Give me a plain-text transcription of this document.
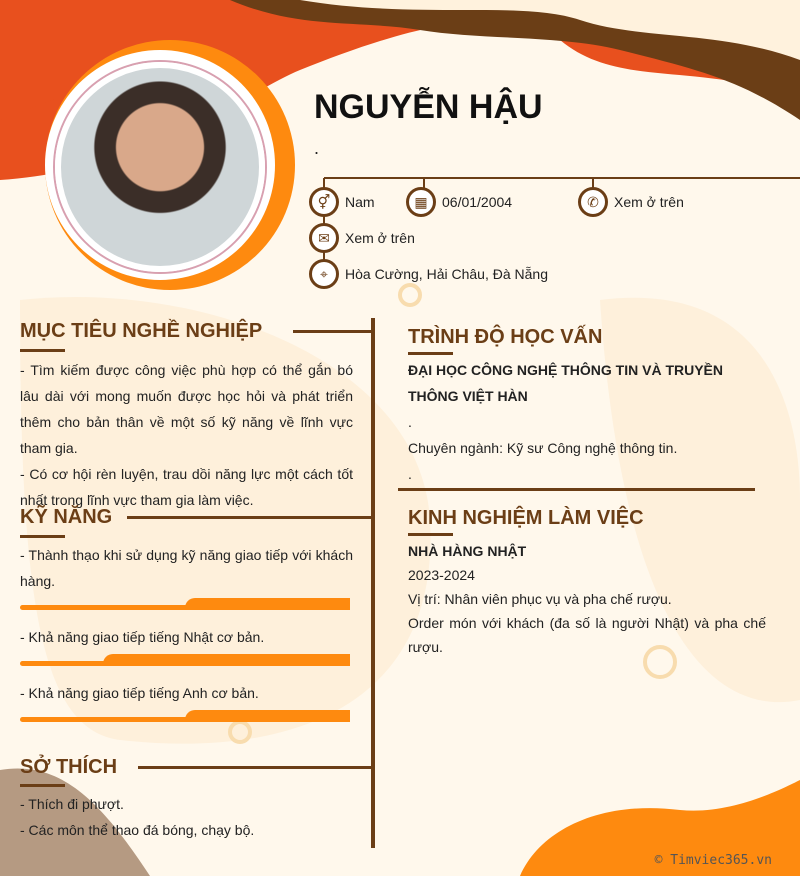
NGUYỄN HẬU
.
⚥	Nam	▦	06/01/2004	✆	Xem ở trên
✉	Xem ở trên
⌖	Hòa Cường, Hải Châu, Đà Nẵng
MỤC TIÊU NGHỀ NGHIỆP
- Tìm kiếm được công việc phù hợp có thể gắn bó lâu dài với mong muốn được học hỏi và phát triển thêm cho bản thân về một số kỹ năng về lĩnh vực tham gia.
- Có cơ hội rèn luyện, trau dồi năng lực một cách tốt nhất trong lĩnh vực tham gia làm việc.
KỸ NĂNG
- Thành thạo khi sử dụng kỹ năng giao tiếp với khách hàng.
- Khả năng giao tiếp tiếng Nhật cơ bản.
- Khả năng giao tiếp tiếng Anh cơ bản.
SỞ THÍCH
- Thích đi phượt.
- Các môn thể thao đá bóng, chạy bộ.
TRÌNH ĐỘ HỌC VẤN
ĐẠI HỌC CÔNG NGHỆ THÔNG TIN VÀ TRUYỀN THÔNG VIỆT HÀN
.
Chuyên ngành: Kỹ sư Công nghệ thông tin.
.
KINH NGHIỆM LÀM VIỆC
NHÀ HÀNG NHẬT
2023-2024
Vị trí: Nhân viên phục vụ và pha chế rượu.
Order món với khách (đa số là người Nhật) và pha chế rượu.
© Timviec365.vn
